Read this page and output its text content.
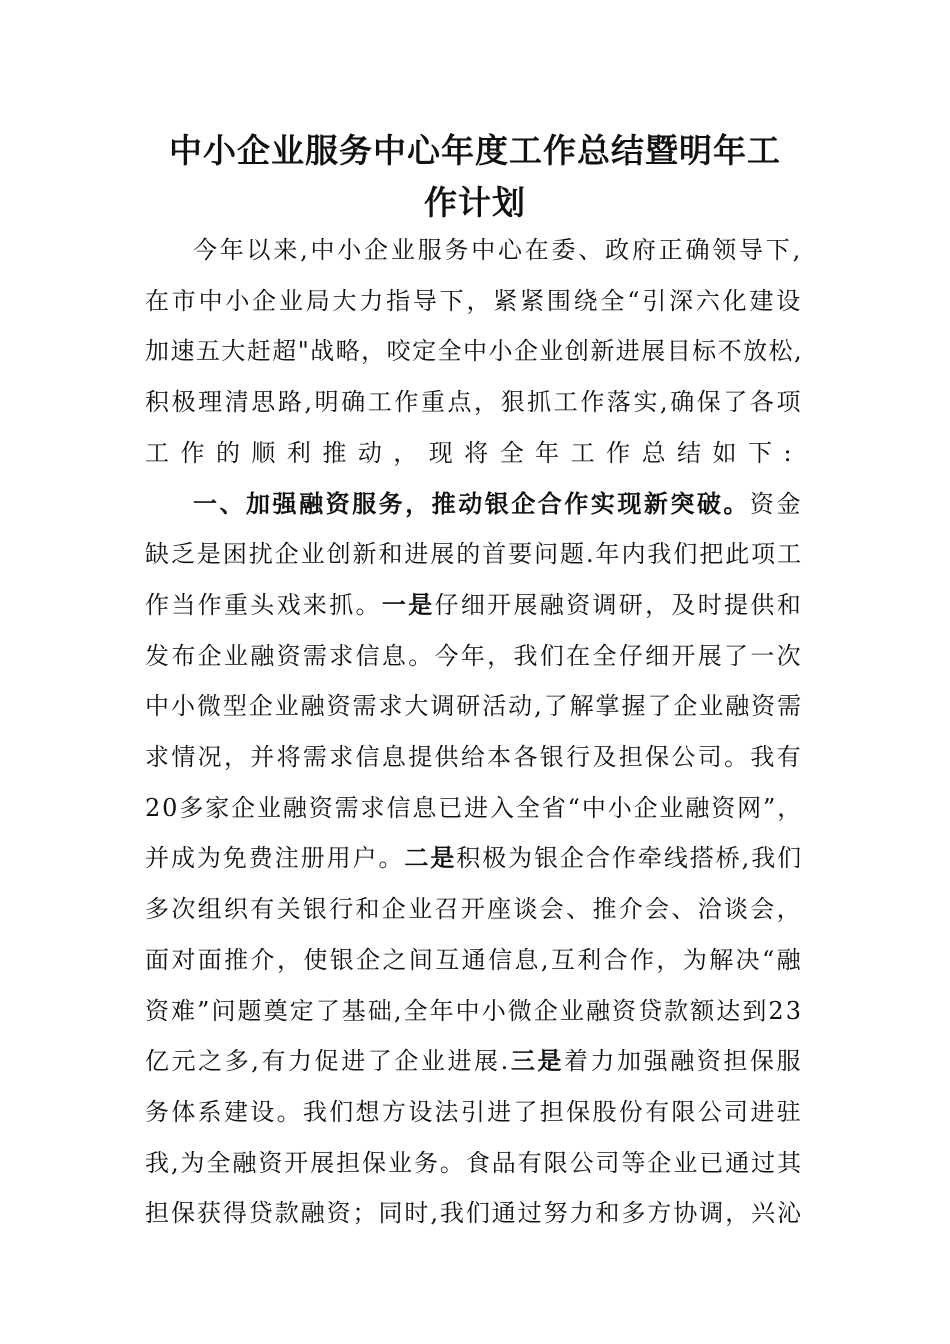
中小企业服务中心年度工作总结暨明年工
作计划
今年以来,中小企业服务中心在委、政府正确领导下,
在市中小企业局大力指导下，紧紧围绕全“引深六化建设
加速五大赶超"战略，咬定全中小企业创新进展目标不放松,
积极理清思路,明确工作重点，狠抓工作落实,确保了各项
工作的顺利推动，现将全年工作总结如下:
一、加强融资服务，推动银企合作实现新突破。资金
缺乏是困扰企业创新和进展的首要问题.年内我们把此项工
作当作重头戏来抓。一是仔细开展融资调研，及时提供和
发布企业融资需求信息。今年，我们在全仔细开展了一次
中小微型企业融资需求大调研活动,了解掌握了企业融资需
求情况，并将需求信息提供给本各银行及担保公司。我有
20多家企业融资需求信息已进入全省“中小企业融资网”，
并成为免费注册用户。二是积极为银企合作牵线搭桥,我们
多次组织有关银行和企业召开座谈会、推介会、洽谈会，
面对面推介，使银企之间互通信息,互利合作，为解决“融
资难”问题奠定了基础,全年中小微企业融资贷款额达到23
亿元之多,有力促进了企业进展.三是着力加强融资担保服
务体系建设。我们想方设法引进了担保股份有限公司进驻
我,为全融资开展担保业务。食品有限公司等企业已通过其
担保获得贷款融资；同时,我们通过努力和多方协调，兴沁
